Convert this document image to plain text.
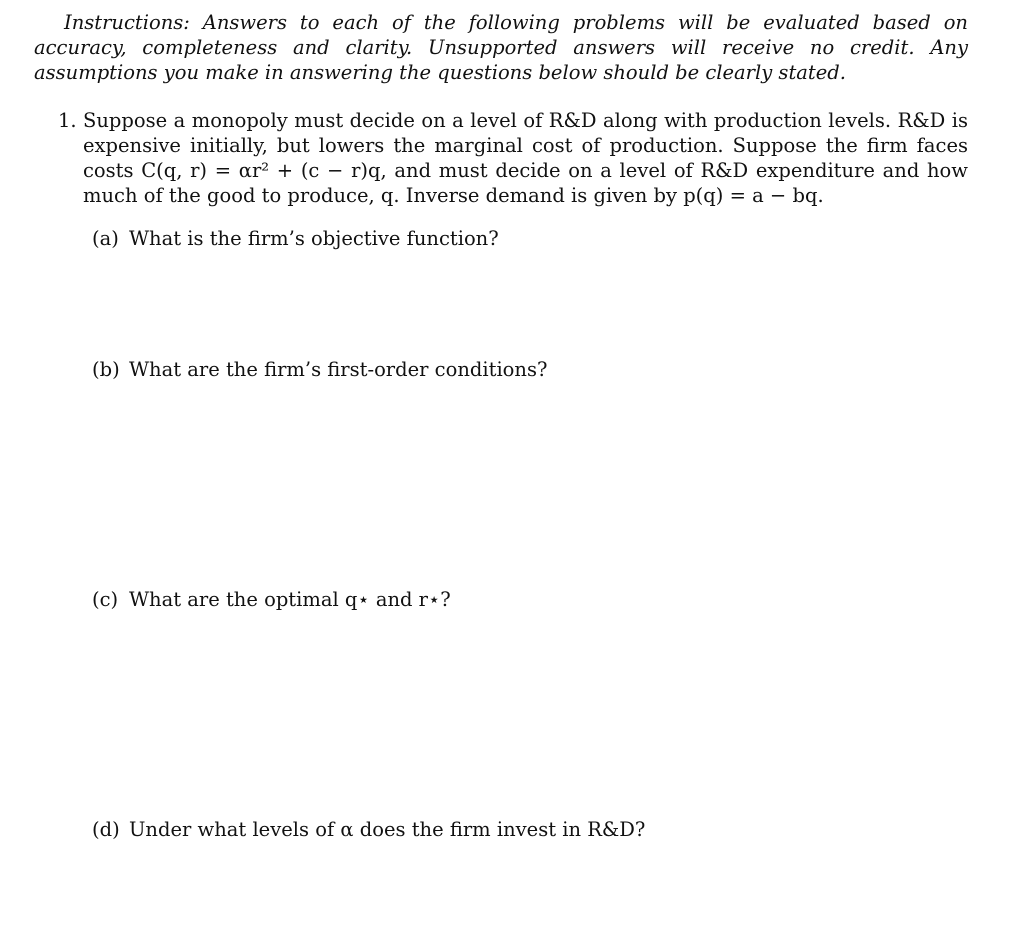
Instructions: Answers to each of the following problems will be evaluated based on accuracy, completeness and clarity. Unsupported answers will receive no credit. Any assumptions you make in answering the questions below should be clearly stated.
1. Suppose a monopoly must decide on a level of R&D along with production levels. R&D is expensive initially, but lowers the marginal cost of production. Suppose the firm faces costs C(q, r) = αr² + (c − r)q, and must decide on a level of R&D expenditure and how much of the good to produce, q. Inverse demand is given by p(q) = a − bq.
(a) What is the firm’s objective function?
(b) What are the firm’s first-order conditions?
(c) What are the optimal q⋆ and r⋆?
(d) Under what levels of α does the firm invest in R&D?
